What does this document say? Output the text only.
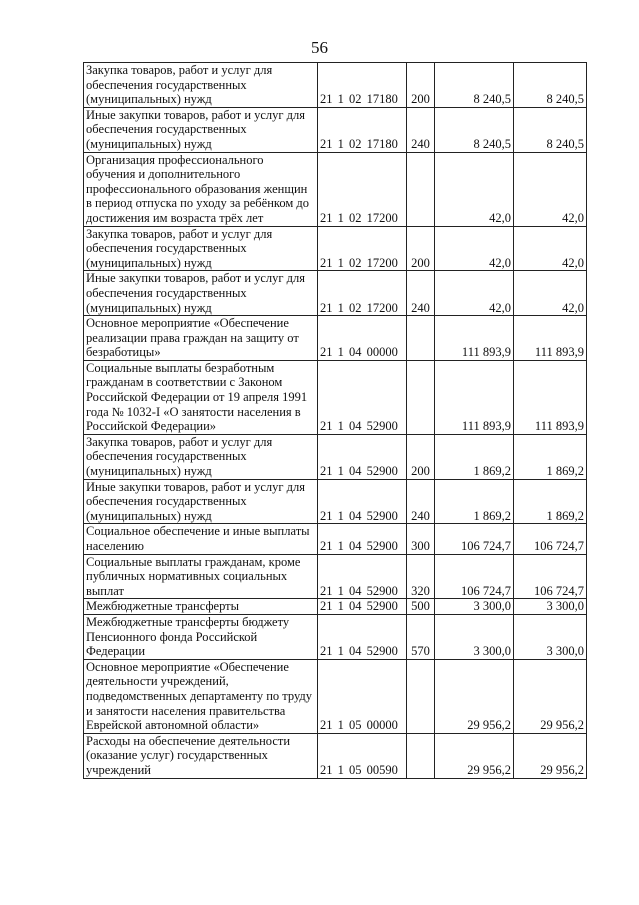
56
Закупка товаров, работ и услуг для обеспечения государственных (муниципальных) нужд	21 1 02 17180	200	8 240,5	8 240,5
Иные закупки товаров, работ и услуг для обеспечения государственных (муниципальных) нужд	21 1 02 17180	240	8 240,5	8 240,5
Организация профессионального обучения и дополнительного профессионального образования женщин в период отпуска по уходу за ребёнком до достижения им возраста трёх лет	21 1 02 17200		42,0	42,0
Закупка товаров, работ и услуг для обеспечения государственных (муниципальных) нужд	21 1 02 17200	200	42,0	42,0
Иные закупки товаров, работ и услуг для обеспечения государственных (муниципальных) нужд	21 1 02 17200	240	42,0	42,0
Основное мероприятие «Обеспечение реализации права граждан на защиту от безработицы»	21 1 04 00000		111 893,9	111 893,9
Социальные выплаты безработным гражданам в соответствии с Законом Российской Федерации от 19 апреля 1991 года № 1032-I «О занятости населения в Российской Федерации»	21 1 04 52900		111 893,9	111 893,9
Закупка товаров, работ и услуг для обеспечения государственных (муниципальных) нужд	21 1 04 52900	200	1 869,2	1 869,2
Иные закупки товаров, работ и услуг для обеспечения государственных (муниципальных) нужд	21 1 04 52900	240	1 869,2	1 869,2
Социальное обеспечение и иные выплаты населению	21 1 04 52900	300	106 724,7	106 724,7
Социальные выплаты гражданам, кроме публичных нормативных социальных выплат	21 1 04 52900	320	106 724,7	106 724,7
Межбюджетные трансферты	21 1 04 52900	500	3 300,0	3 300,0
Межбюджетные трансферты бюджету Пенсионного фонда Российской Федерации	21 1 04 52900	570	3 300,0	3 300,0
Основное мероприятие «Обеспечение деятельности учреждений, подведомственных департаменту по труду и занятости населения правительства Еврейской автономной области»	21 1 05 00000		29 956,2	29 956,2
Расходы на обеспечение деятельности (оказание услуг) государственных учреждений	21 1 05 00590		29 956,2	29 956,2
